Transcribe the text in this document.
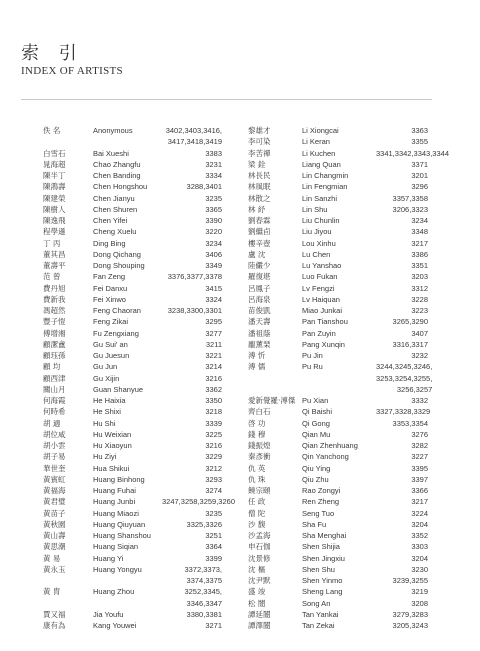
索 引
INDEX OF ARTISTS
佚 名	Anonymous	3402,3403,3416,
3417,3418,3419
白雪石	Bai Xueshi	3383
晁海超	Chao Zhangfu	3231
陳半丁	Chen Banding	3334
陳鴻壽	Chen Hongshou	3288,3401
陳建榮	Chen Jianyu	3235
陳樹人	Chen Shuren	3365
陳逸飛	Chen Yifei	3390
程學遜	Cheng Xuelu	3220
丁 丙	Ding Bing	3234
董其昌	Dong Qichang	3406
董壽平	Dong Shouping	3349
范 曾	Fan Zeng	3376,3377,3378
費丹旭	Fei Danxu	3415
費新我	Fei Xinwo	3324
馮超然	Feng Chaoran	3238,3300,3301
豐子愷	Feng Zikai	3295
傅增湘	Fu Zengxiang	3277
顧潔盦	Gu Sui' an	3211
顧珏孫	Gu Juesun	3221
顧 均	Gu Jun	3214
顧西津	Gu Xijin	3216
關山月	Guan Shanyue	3362
何海霞	He Haixia	3350
何時希	He Shixi	3218
胡 適	Hu Shi	3339
胡位咸	Hu Weixian	3225
胡小雲	Hu Xiaoyun	3216
胡子易	Hu Ziyi	3229
華世奎	Hua Shikui	3212
黃賓虹	Huang Binhong	3293
黃福海	Huang Fuhai	3274
黃君璧	Huang Junbi	3247,3258,3259,3260
黃苗子	Huang Miaozi	3235
黃秋園	Huang Qiuyuan	3325,3326
黃山壽	Huang Shanshou	3251
黃思潮	Huang Siqian	3364
黃 易	Huang Yi	3399
黃永玉	Huang Yongyu	3372,3373,
3374,3375
黃 胄	Huang Zhou	3252,3345,
3346,3347
賈又福	Jia Youfu	3380,3381
康有為	Kang Youwei	3271
黎雄才	Li Xiongcai	3363
李可染	Li Keran	3355
李苦禪	Li Kuchen	3341,3342,3343,3344
梁 銓	Liang Quan	3371
林長民	Lin Changmin	3201
林風眠	Lin Fengmian	3296
林散之	Lin Sanzhi	3357,3358
林 紓	Lin Shu	3206,3323
劉春霖	Liu Chunlin	3234
劉繼卣	Liu Jiyou	3348
樓辛壺	Lou Xinhu	3217
盧 沈	Lu Chen	3386
陸儼少	Lu Yanshao	3351
羅復堪	Luo Fukan	3203
呂鳳子	Lv Fengzi	3312
呂海泉	Lv Haiquan	3228
苗俊凱	Miao Junkai	3223
潘天壽	Pan Tianshou	3265,3290
潘祖蔭	Pan Zuyin	3407
龐薰琹	Pang Xunqin	3316,3317
溥 忻	Pu Jin	3232
溥 儒	Pu Ru	3244,3245,3246,
3253,3254,3255,
3256,3257
愛新覺羅·溥傑 Pu Xian	3332
齊白石	Qi Baishi	3327,3328,3329
啓 功	Qi Gong	3353,3354
錢 穆	Qian Mu	3276
錢振煌	Qian Zhenhuang	3282
秦彥衝	Qin Yanchong	3227
仇 英	Qiu Ying	3395
仇 珠	Qiu Zhu	3397
饒宗頤	Rao Zongyi	3366
任 政	Ren Zheng	3217
僧 陀	Seng Tuo	3224
沙 馥	Sha Fu	3204
沙孟海	Sha Menghai	3352
申石伽	Shen Shijia	3303
沈景修	Shen Jingxiu	3204
沈 樞	Shen Shu	3230
沈尹默	Shen Yinmo	3239,3255
盛 竣	Sheng Lang	3219
松 闇	Song An	3208
譚延闓	Tan Yankai	3279,3283
譚澤闓	Tan Zekai	3205,3243
